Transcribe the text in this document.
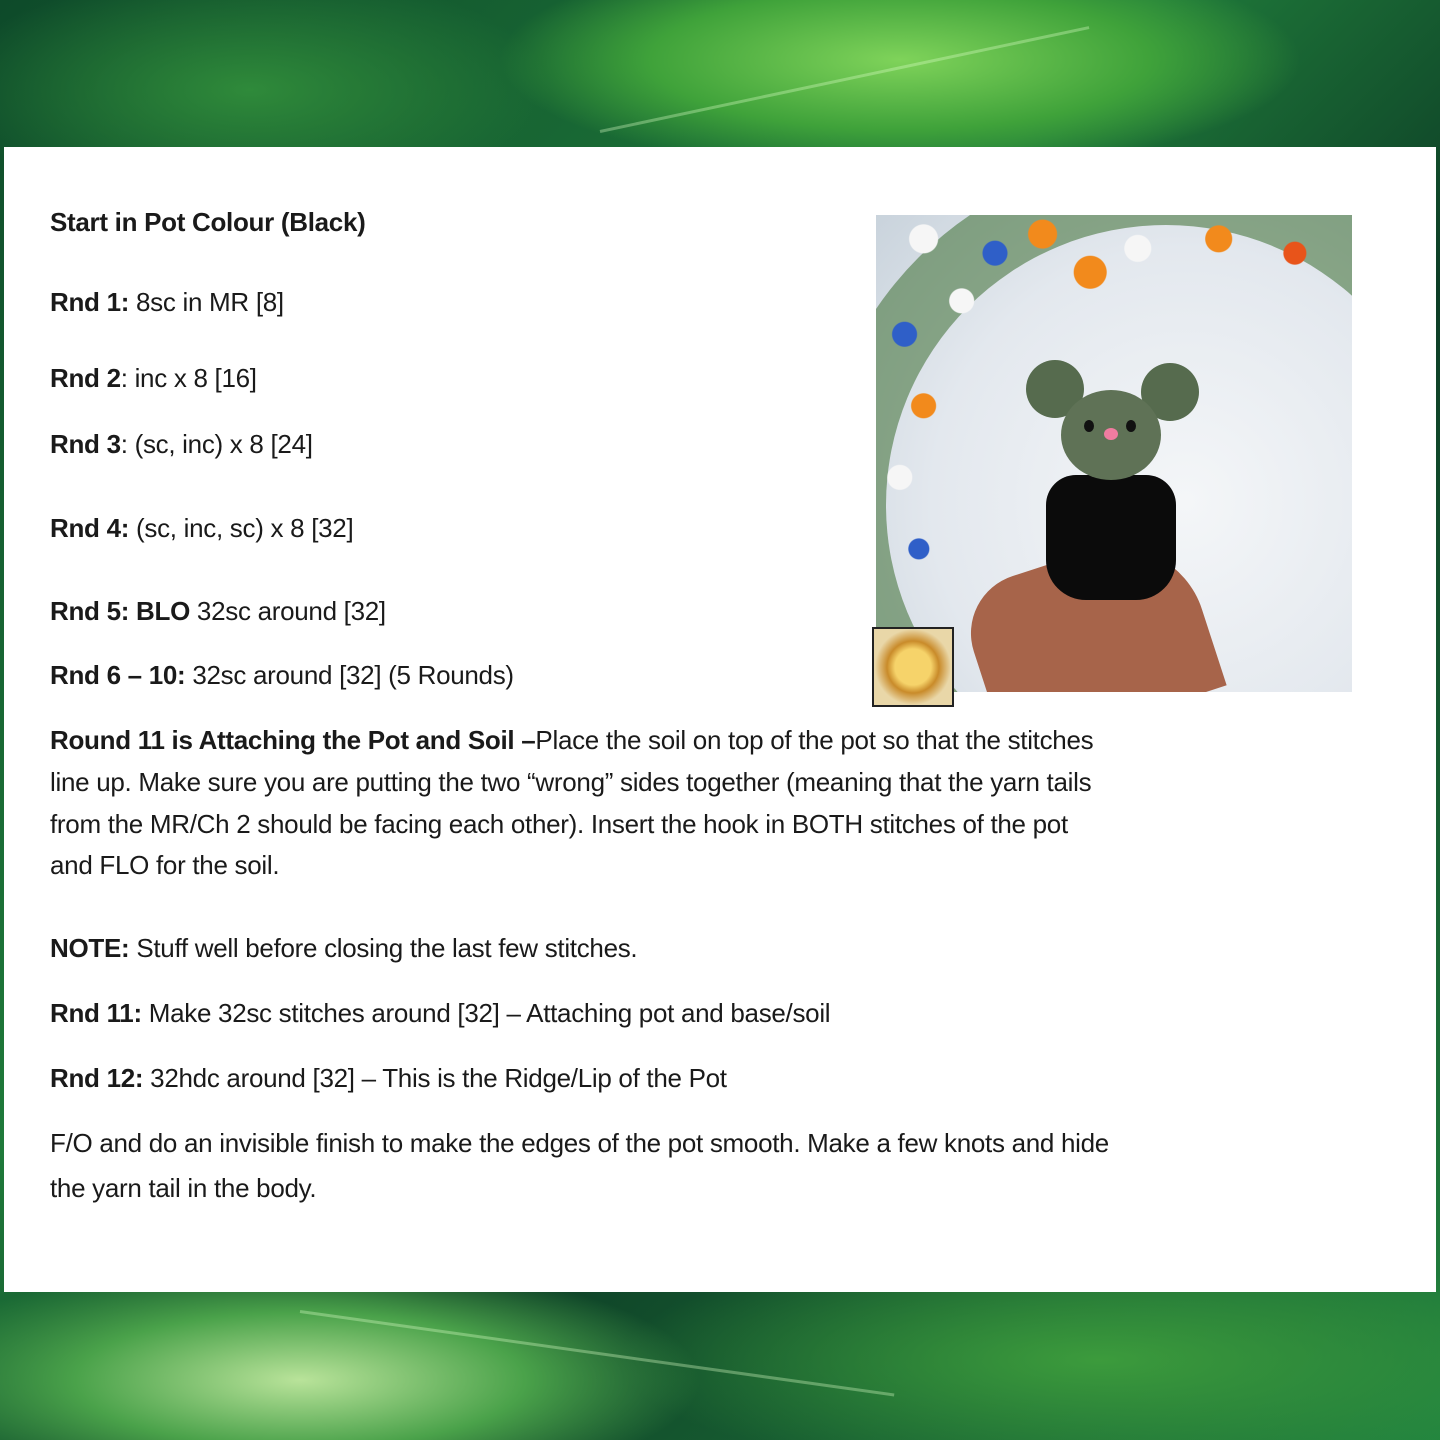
Start in Pot Colour (Black)
Rnd 1: 8sc in MR [8]
Rnd 2: inc x 8 [16]
Rnd 3: (sc, inc) x 8 [24]
Rnd 4: (sc, inc, sc) x 8 [32]
Rnd 5: BLO 32sc around [32]
Rnd 6 – 10: 32sc around [32] (5 Rounds)
Round 11 is Attaching the Pot and Soil –Place the soil on top of the pot so that the stitches
line up. Make sure you are putting the two “wrong” sides together (meaning that the yarn tails
from the MR/Ch 2 should be facing each other). Insert the hook in BOTH stitches of the pot
and FLO for the soil.
NOTE: Stuff well before closing the last few stitches.
Rnd 11: Make 32sc stitches around [32] – Attaching pot and base/soil
Rnd 12: 32hdc around [32] – This is the Ridge/Lip of the Pot
F/O and do an invisible finish to make the edges of the pot smooth. Make a few knots and hide
the yarn tail in the body.
